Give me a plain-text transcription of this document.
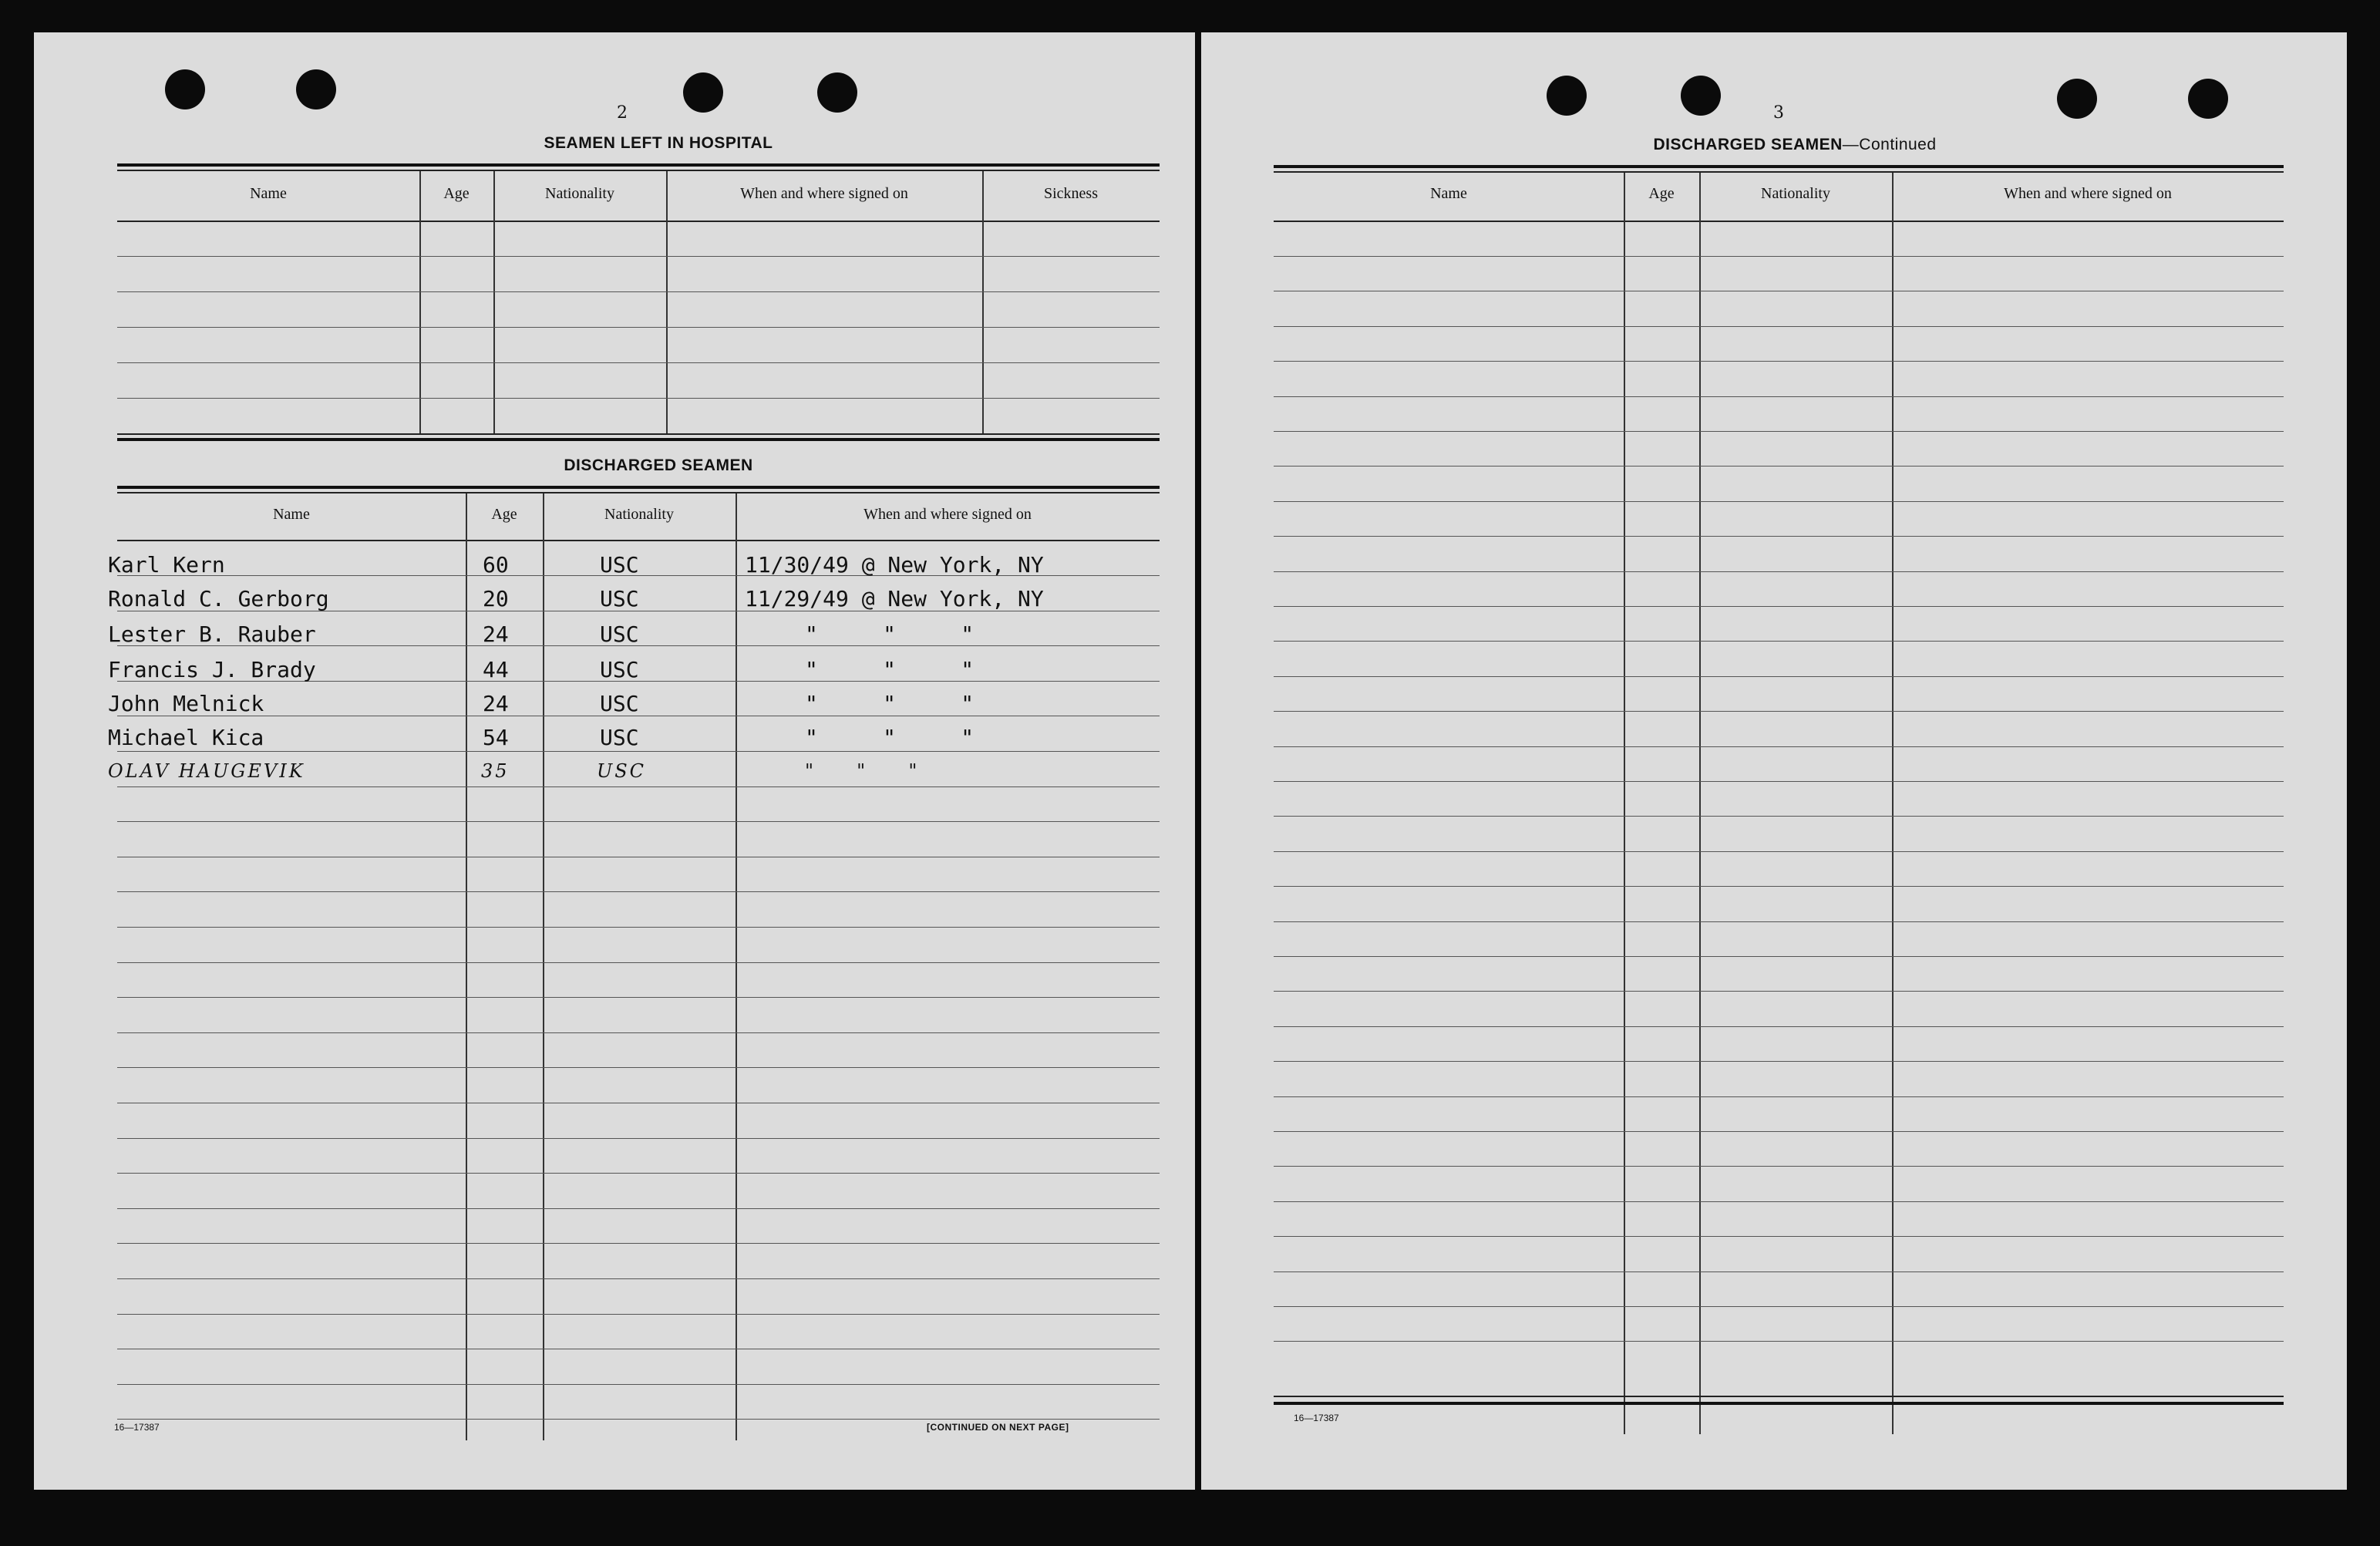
2
SEAMEN LEFT IN HOSPITAL
Name	Age	Nationality	When and where signed on	Sickness
DISCHARGED SEAMEN
Name	Age	Nationality	When and where signed on
Karl Kern	60	USC	11/30/49 @ New York, NY
Ronald C. Gerborg	20	USC	11/29/49 @ New York, NY
Lester B. Rauber	24	USC	"     "     "
Francis J. Brady	44	USC	"     "     "
John Melnick	24	USC	"     "     "
Michael Kica	54	USC	"     "     "
OLAV HAUGEVIK	35	USC	"     "     "
16—17387	[CONTINUED ON NEXT PAGE]
3
DISCHARGED SEAMEN—Continued
Name	Age	Nationality	When and where signed on
16—17387
